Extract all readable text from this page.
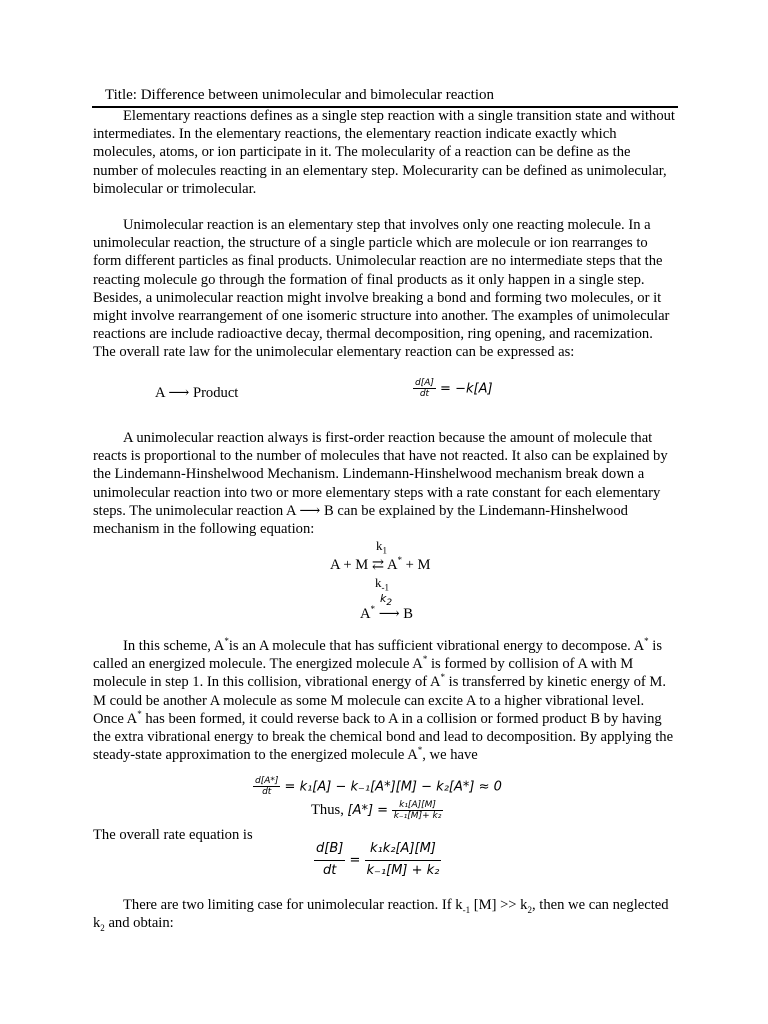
Title: Difference between unimolecular and bimolecular reaction

Elementary reactions defines as a single step reaction with a single transition state and without intermediates. In the elementary reactions, the elementary reaction indicate exactly which molecules, atoms, or ion participate in it. The molecularity of a reaction can be define as the number of molecules reacting in an elementary step. Molecurarity can be defined as unimolecular, bimolecular or trimolecular.

Unimolecular reaction is an elementary step that involves only one reacting molecule. In a unimolecular reaction, the structure of a single particle which are molecule or ion rearranges to form different particles as final products. Unimolecular reaction are no intermediate steps that the reacting molecule go through the formation of final products as it only happen in a single step. Besides, a unimolecular reaction might involve breaking a bond and forming two molecules, or it might involve rearrangement of one isomeric structure into another. The examples of unimolecular reactions are include radioactive decay, thermal decomposition, ring opening, and racemization. The overall rate law for the unimolecular elementary reaction can be expressed as:

A ⟶ Product	$\frac{d[A]}{dt} = -k[A]$

A unimolecular reaction always is first-order reaction because the amount of molecule that reacts is proportional to the number of molecules that have not reacted. It also can be explained by the Lindemann-Hinshelwood Mechanism. Lindemann-Hinshelwood mechanism break down a unimolecular reaction into two or more elementary steps with a rate constant for each elementary steps. The unimolecular reaction A ⟶ B can be explained by the Lindemann-Hinshelwood mechanism in the following equation:

$k_1$
A + M ⇄ A* + M
$k_{-1}$
$k_2$
A* ⟶ B

In this scheme, A*is an A molecule that has sufficient vibrational energy to decompose. A* is called an energized molecule. The energized molecule A* is formed by collision of A with M molecule in step 1. In this collision, vibrational energy of A* is transferred by kinetic energy of M. M could be another A molecule as some M molecule can excite A to a higher vibrational level. Once A* has been formed, it could reverse back to A in a collision or formed product B by having the extra vibrational energy to break the chemical bond and lead to decomposition. By applying the steady-state approximation to the energized molecule A*, we have

$\frac{d[A*]}{dt} = k_1[A] - k_{-1}[A*][M] - k_2[A*] \approx 0$
Thus, $[A*] = \frac{\text{k₁[A][M]}}{\text{k₋₁[M]+ k₂}}$
The overall rate equation is
$\frac{d[B]}{dt} = \frac{\text{k₁k₂[A][M]}}{\text{k₋₁[M] + k₂}}$

There are two limiting case for unimolecular reaction. If $k_{-1}$ $[M] >> k_2$, then we can neglected $k_2$ and obtain:
